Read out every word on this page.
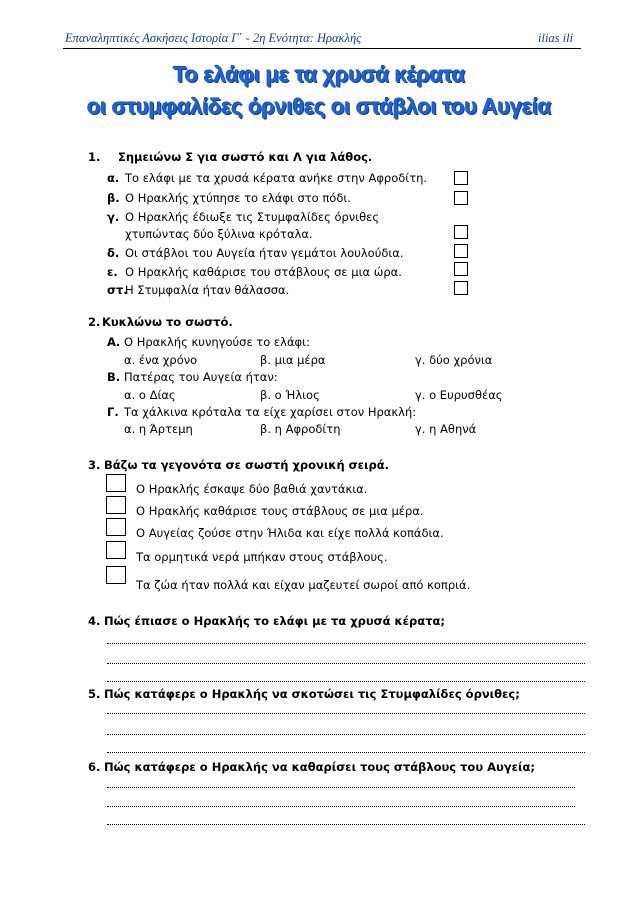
Επαναληπτικές Ασκήσεις Ιστορία Γ΄ - 2η Ενότητα: Ηρακλής	ilias ili
Το ελάφι με τα χρυσά κέρατα
οι στυμφαλίδες όρνιθες οι στάβλοι του Αυγεία
1. Σημειώνω Σ για σωστό και Λ για λάθος.
α. Το ελάφι με τα χρυσά κέρατα ανήκε στην Αφροδίτη.
β. Ο Ηρακλής χτύπησε το ελάφι στο πόδι.
γ. Ο Ηρακλής έδιωξε τις Στυμφαλίδες όρνιθες
χτυπώντας δύο ξύλινα κρόταλα.
δ. Οι στάβλοι του Αυγεία ήταν γεμάτοι λουλούδια.
ε. Ο Ηρακλής καθάρισε του στάβλους σε μια ώρα.
στ.
Η Στυμφαλία ήταν θάλασσα.
2. Κυκλώνω το σωστό.
Α. Ο Ηρακλής κυνηγούσε το ελάφι:
α. ένα χρόνο	β. μια μέρα	γ. δύο χρόνια
Β. Πατέρας του Αυγεία ήταν:
α. ο Δίας	β. ο Ήλιος	γ. ο Ευρυσθέας
Γ. Τα χάλκινα κρόταλα τα είχε χαρίσει στον Ηρακλή:
α. η Άρτεμη	β. η Αφροδίτη	γ. η Αθηνά
3. Βάζω τα γεγονότα σε σωστή χρονική σειρά.
Ο Ηρακλής έσκαψε δύο βαθιά χαντάκια.
Ο Ηρακλής καθάρισε τους στάβλους σε μια μέρα.
Ο Αυγείας ζούσε στην Ήλιδα και είχε πολλά κοπάδια.
Τα ορμητικά νερά μπήκαν στους στάβλους.
Τα ζώα ήταν πολλά και είχαν μαζευτεί σωροί από κοπριά.
4. Πώς έπιασε ο Ηρακλής το ελάφι με τα χρυσά κέρατα;
5. Πώς κατάφερε ο Ηρακλής να σκοτώσει τις Στυμφαλίδες όρνιθες;
6. Πώς κατάφερε ο Ηρακλής να καθαρίσει τους στάβλους του Αυγεία;
